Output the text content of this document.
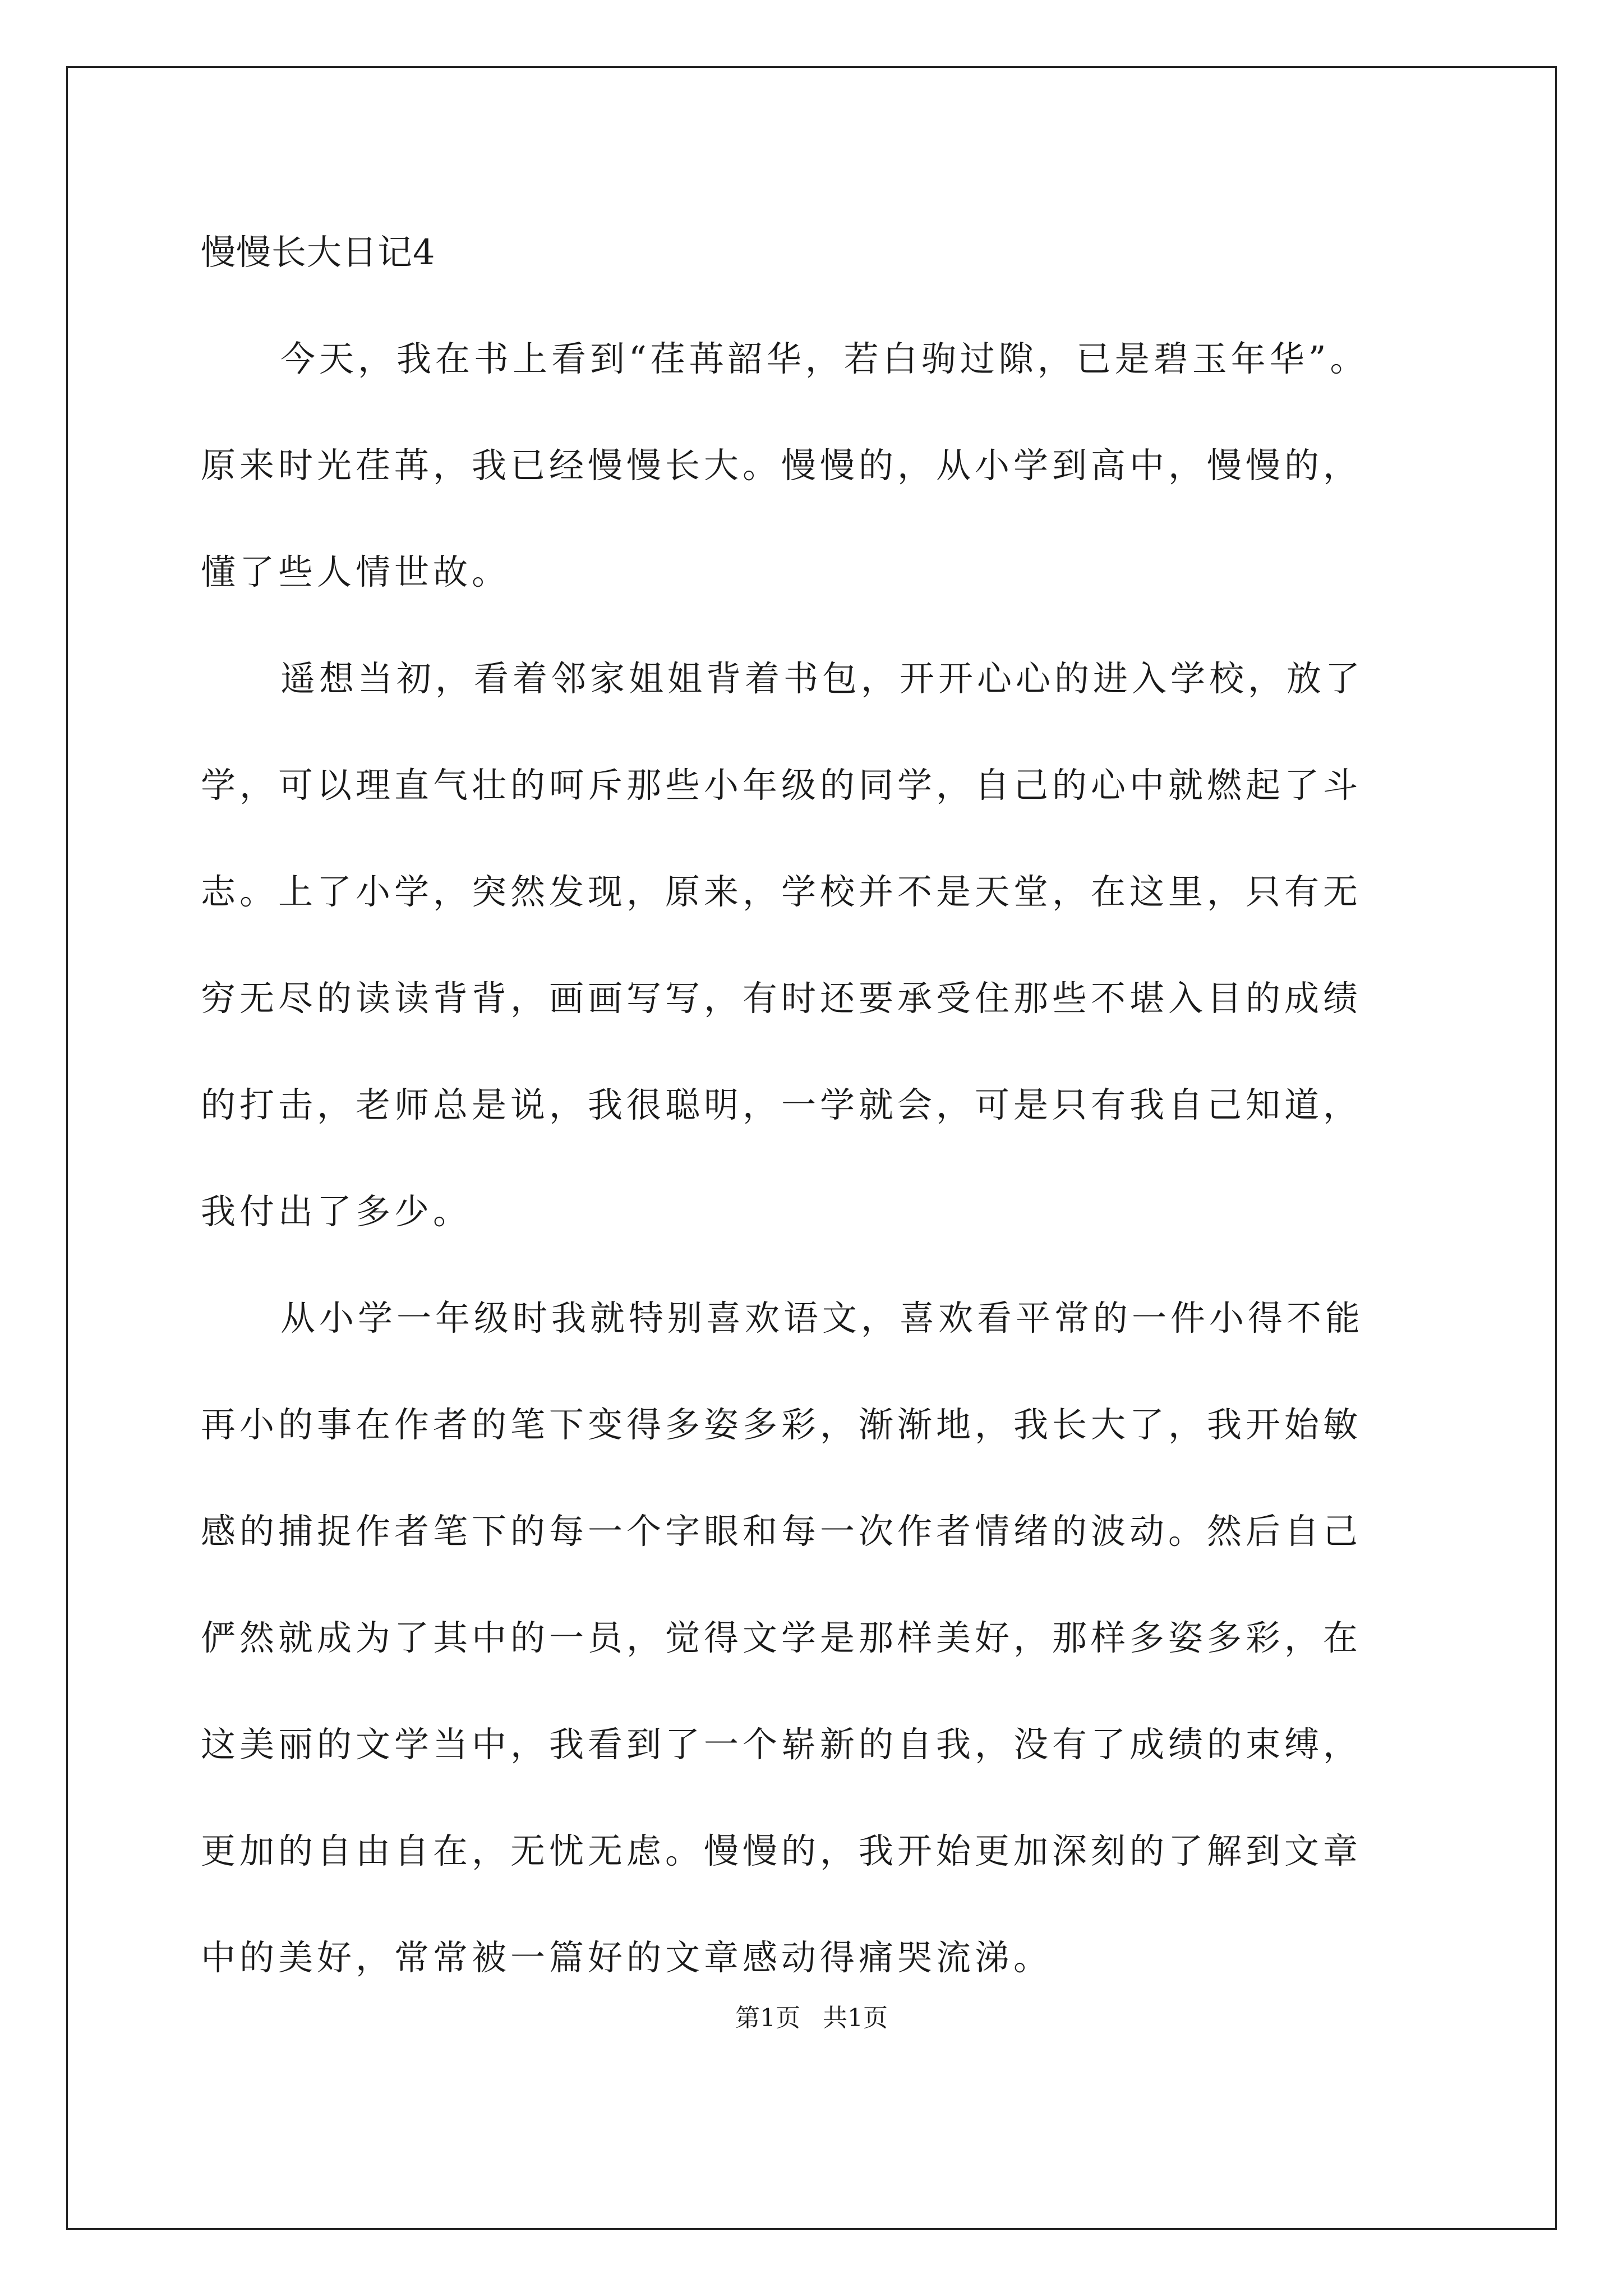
慢慢长大日记4
今天，我在书上看到“荏苒韶华，若白驹过隙，已是碧玉年华”。
原来时光荏苒，我已经慢慢长大。慢慢的，从小学到高中，慢慢的，
懂了些人情世故。
遥想当初，看着邻家姐姐背着书包，开开心心的进入学校，放了
学，可以理直气壮的呵斥那些小年级的同学，自己的心中就燃起了斗
志。上了小学，突然发现，原来，学校并不是天堂，在这里，只有无
穷无尽的读读背背，画画写写，有时还要承受住那些不堪入目的成绩
的打击，老师总是说，我很聪明，一学就会，可是只有我自己知道，
我付出了多少。
从小学一年级时我就特别喜欢语文，喜欢看平常的一件小得不能
再小的事在作者的笔下变得多姿多彩，渐渐地，我长大了，我开始敏
感的捕捉作者笔下的每一个字眼和每一次作者情绪的波动。然后自己
俨然就成为了其中的一员，觉得文学是那样美好，那样多姿多彩，在
这美丽的文学当中，我看到了一个崭新的自我，没有了成绩的束缚，
更加的自由自在，无忧无虑。慢慢的，我开始更加深刻的了解到文章
中的美好，常常被一篇好的文章感动得痛哭流涕。
第1页 共1页
